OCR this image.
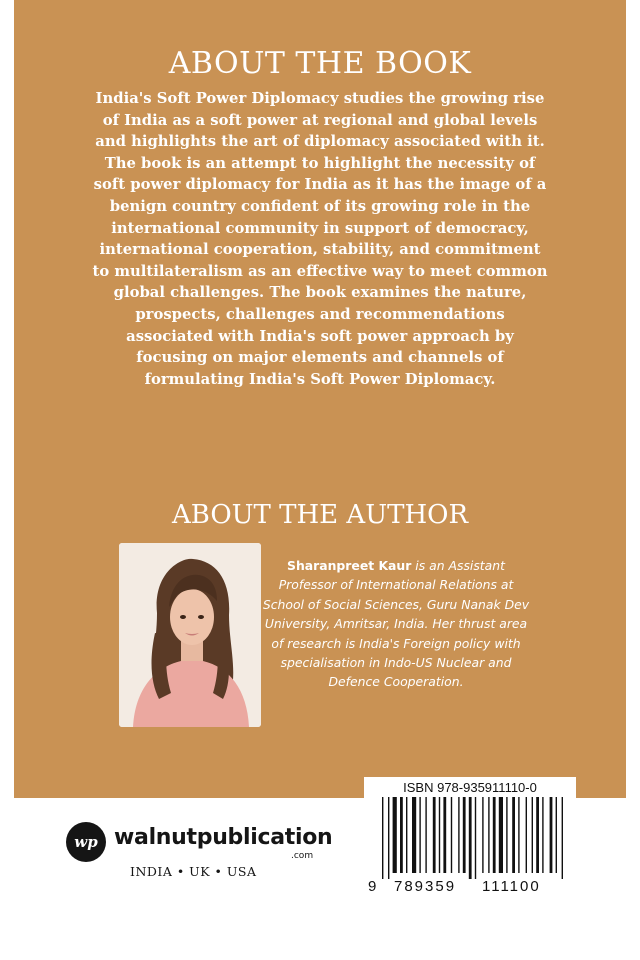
ABOUT THE BOOK

India's Soft Power Diplomacy studies the growing rise of India as a soft power at regional and global levels and highlights the art of diplomacy associated with it. The book is an attempt to highlight the necessity of soft power diplomacy for India as it has the image of a benign country confident of its growing role in the international community in support of democracy, international cooperation, stability, and commitment to multilateralism as an effective way to meet common global challenges. The book examines the nature, prospects, challenges and recommendations associated with India's soft power approach by focusing on major elements and channels of formulating India's Soft Power Diplomacy.

ABOUT THE AUTHOR

Sharanpreet Kaur is an Assistant Professor of International Relations at School of Social Sciences, Guru Nanak Dev University, Amritsar, India. Her thrust area of research is India's Foreign policy with specialisation in Indo-US Nuclear and Defence Cooperation.

wp walnutpublication
.com
INDIA • UK • USA
ISBN 978-935911110-0
9 789359 111100
